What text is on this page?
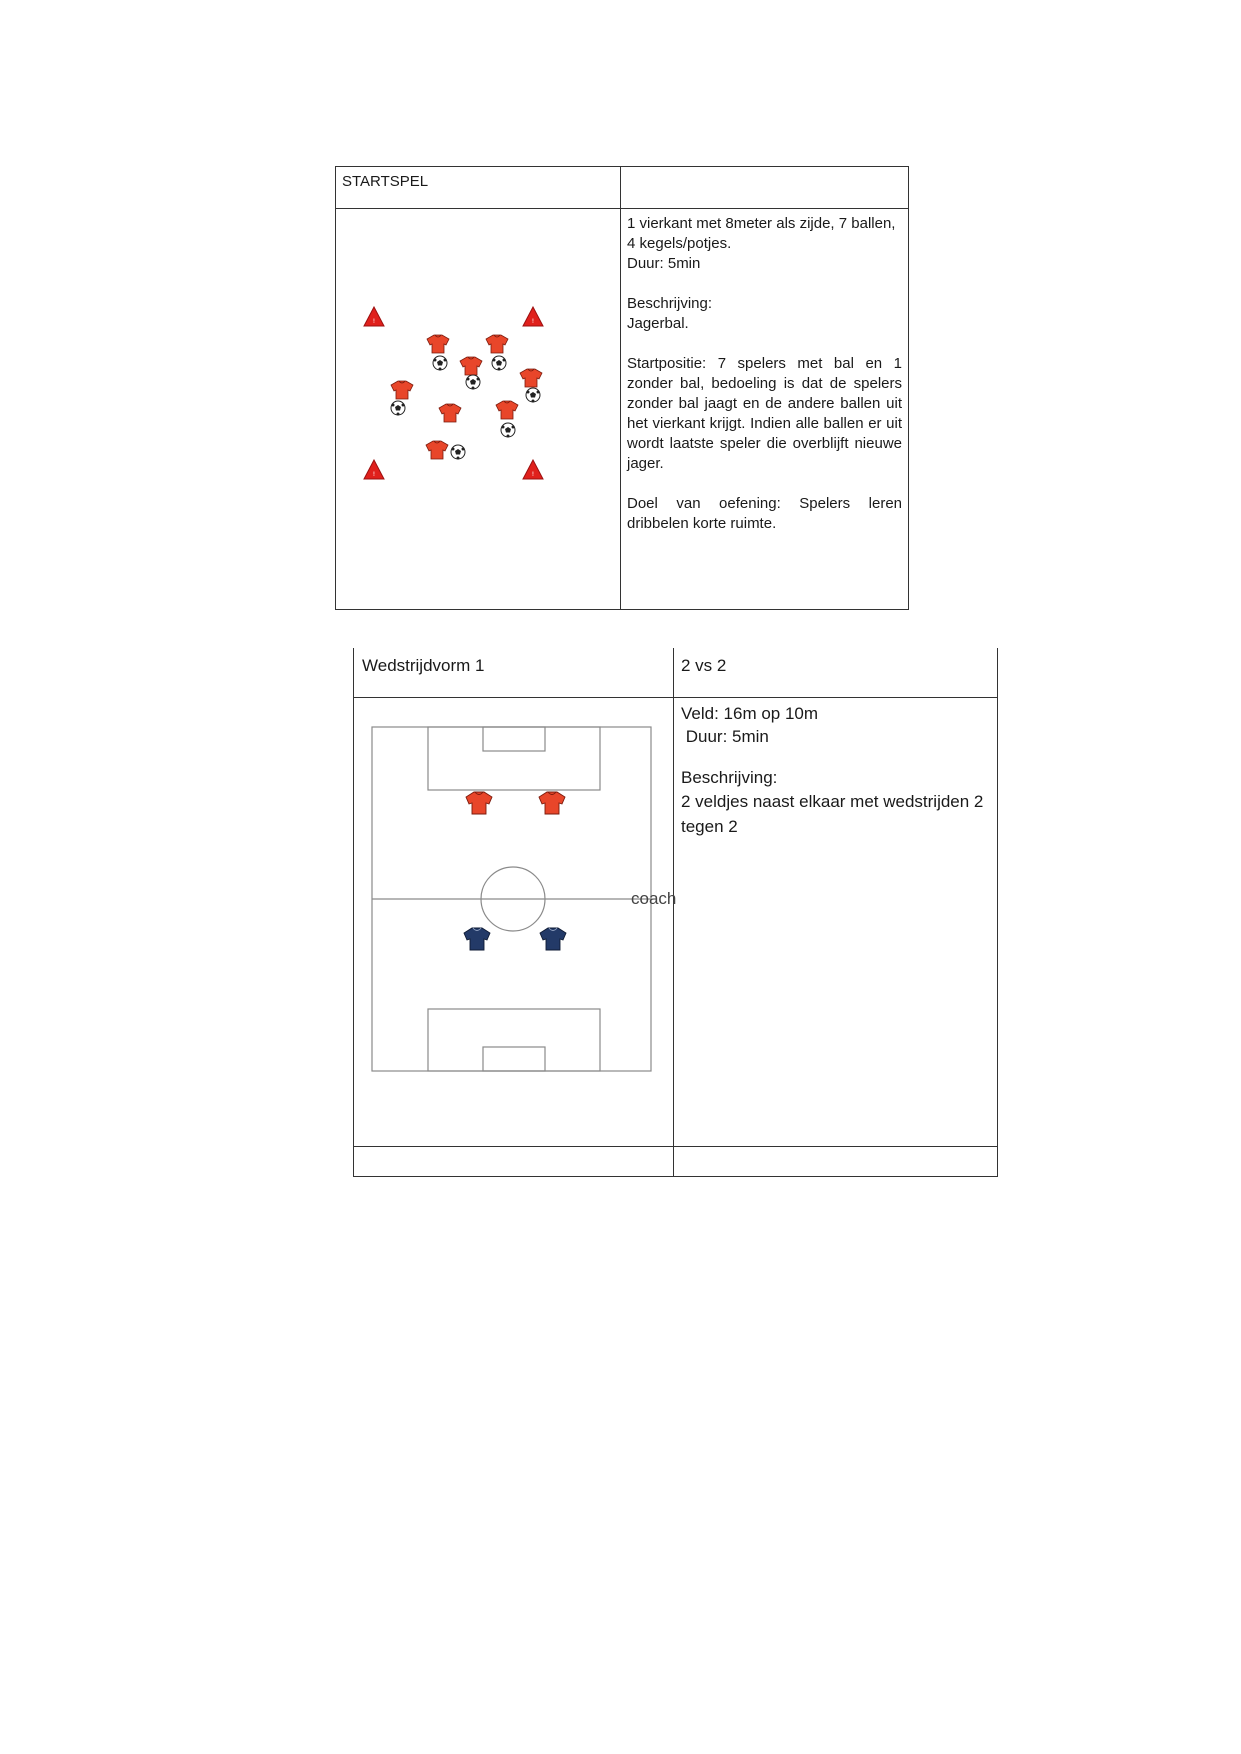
STARTSPEL

1 vierkant met 8meter als zijde, 7 ballen,

4 kegels/potjes.

Duur: 5min

Beschrijving:

Jagerbal.

Startpositie: 7 spelers met bal en 1 zonder bal, bedoeling is dat de spelers zonder bal jaagt en de andere ballen uit het vierkant krijgt. Indien alle ballen er uit wordt laatste speler die overblijft nieuwe jager.

Doel van oefening: Spelers leren

dribbelen korte ruimte.

Wedstrijdvorm 1	2 vs 2

Veld: 16m op 10m

Duur: 5min

Beschrijving:

2 veldjes naast elkaar met wedstrijden 2 tegen 2

coach
